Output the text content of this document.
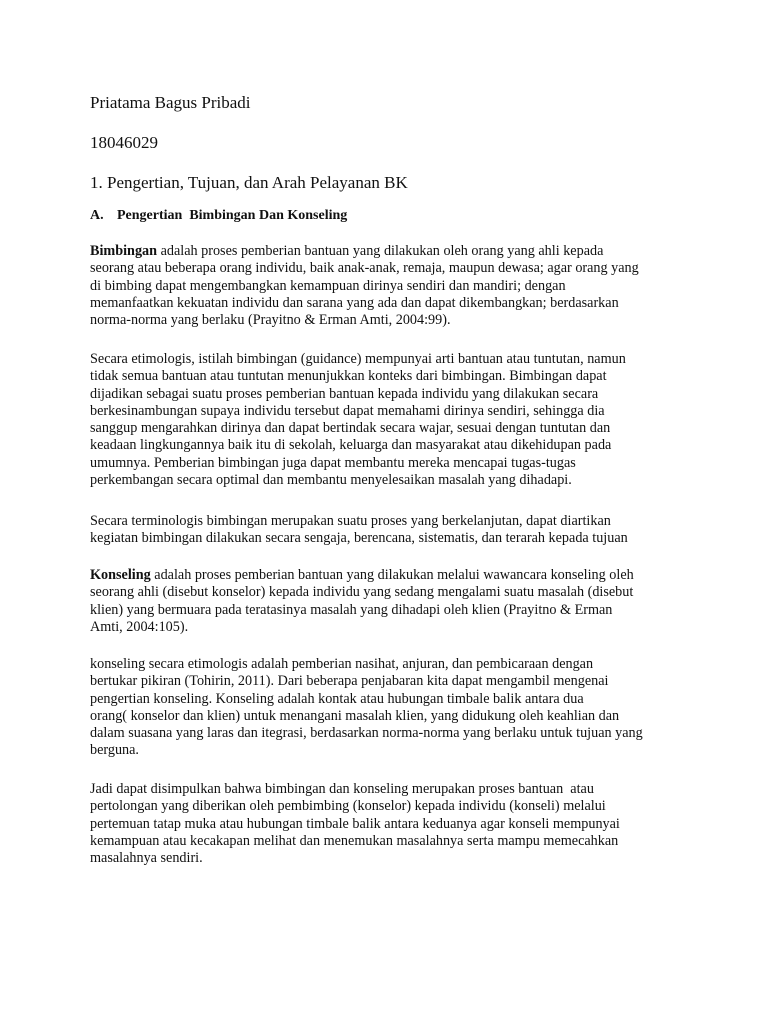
Priatama Bagus Pribadi
18046029
1. Pengertian, Tujuan, dan Arah Pelayanan BK
A. Pengertian  Bimbingan Dan Konseling
Bimbingan adalah proses pemberian bantuan yang dilakukan oleh orang yang ahli kepada
seorang atau beberapa orang individu, baik anak-anak, remaja, maupun dewasa; agar orang yang
di bimbing dapat mengembangkan kemampuan dirinya sendiri dan mandiri; dengan
memanfaatkan kekuatan individu dan sarana yang ada dan dapat dikembangkan; berdasarkan
norma-norma yang berlaku (Prayitno & Erman Amti, 2004:99).
Secara etimologis, istilah bimbingan (guidance) mempunyai arti bantuan atau tuntutan, namun
tidak semua bantuan atau tuntutan menunjukkan konteks dari bimbingan. Bimbingan dapat
dijadikan sebagai suatu proses pemberian bantuan kepada individu yang dilakukan secara
berkesinambungan supaya individu tersebut dapat memahami dirinya sendiri, sehingga dia
sanggup mengarahkan dirinya dan dapat bertindak secara wajar, sesuai dengan tuntutan dan
keadaan lingkungannya baik itu di sekolah, keluarga dan masyarakat atau dikehidupan pada
umumnya. Pemberian bimbingan juga dapat membantu mereka mencapai tugas-tugas
perkembangan secara optimal dan membantu menyelesaikan masalah yang dihadapi.
Secara terminologis bimbingan merupakan suatu proses yang berkelanjutan, dapat diartikan
kegiatan bimbingan dilakukan secara sengaja, berencana, sistematis, dan terarah kepada tujuan
Konseling adalah proses pemberian bantuan yang dilakukan melalui wawancara konseling oleh
seorang ahli (disebut konselor) kepada individu yang sedang mengalami suatu masalah (disebut
klien) yang bermuara pada teratasinya masalah yang dihadapi oleh klien (Prayitno & Erman
Amti, 2004:105).
konseling secara etimologis adalah pemberian nasihat, anjuran, dan pembicaraan dengan
bertukar pikiran (Tohirin, 2011). Dari beberapa penjabaran kita dapat mengambil mengenai
pengertian konseling. Konseling adalah kontak atau hubungan timbale balik antara dua
orang( konselor dan klien) untuk menangani masalah klien, yang didukung oleh keahlian dan
dalam suasana yang laras dan itegrasi, berdasarkan norma-norma yang berlaku untuk tujuan yang
berguna.
Jadi dapat disimpulkan bahwa bimbingan dan konseling merupakan proses bantuan  atau
pertolongan yang diberikan oleh pembimbing (konselor) kepada individu (konseli) melalui
pertemuan tatap muka atau hubungan timbale balik antara keduanya agar konseli mempunyai
kemampuan atau kecakapan melihat dan menemukan masalahnya serta mampu memecahkan
masalahnya sendiri.
